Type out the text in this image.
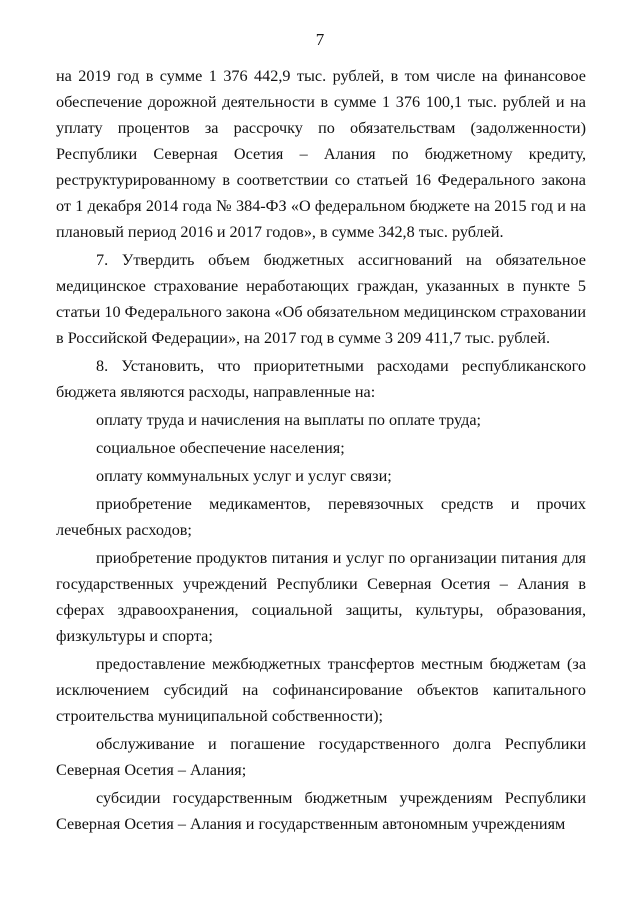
7

на 2019 год в сумме 1 376 442,9 тыс. рублей, в том числе на финансовое обеспечение дорожной деятельности в сумме 1 376 100,1 тыс. рублей и на уплату процентов за рассрочку по обязательствам (задолженности) Республики Северная Осетия – Алания по бюджетному кредиту, реструктурированному в соответствии со статьей 16 Федерального закона от 1 декабря 2014 года № 384-ФЗ «О федеральном бюджете на 2015 год и на плановый период 2016 и 2017 годов», в сумме 342,8 тыс. рублей.

7. Утвердить объем бюджетных ассигнований на обязательное медицинское страхование неработающих граждан, указанных в пункте 5 статьи 10 Федерального закона «Об обязательном медицинском страховании в Российской Федерации», на 2017 год в сумме 3 209 411,7 тыс. рублей.

8. Установить, что приоритетными расходами республиканского бюджета являются расходы, направленные на:

оплату труда и начисления на выплаты по оплате труда;

социальное обеспечение населения;

оплату коммунальных услуг и услуг связи;

приобретение медикаментов, перевязочных средств и прочих лечебных расходов;

приобретение продуктов питания и услуг по организации питания для государственных учреждений Республики Северная Осетия – Алания в сферах здравоохранения, социальной защиты, культуры, образования, физкультуры и спорта;

предоставление межбюджетных трансфертов местным бюджетам (за исключением субсидий на софинансирование объектов капитального строительства муниципальной собственности);

обслуживание и погашение государственного долга Республики Северная Осетия – Алания;

субсидии государственным бюджетным учреждениям Республики Северная Осетия – Алания и государственным автономным учреждениям
